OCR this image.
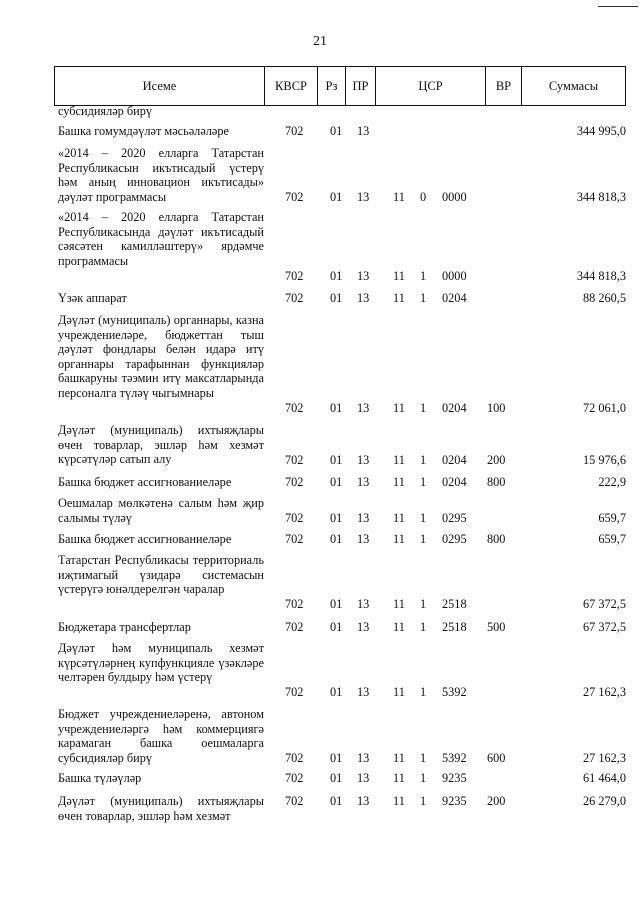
21
Исеме	КВСР	Рз	ПР	ЦСР	ВР	Суммасы
субсидияләр бирү
Башка гомумдәүләт мәсьәләләре	702 01 13	344 995,0
«2014 – 2020 елларга Татарстан Республикасын икътисадый үстерү һәм аның инновацион икътисады» дәүләт программасы	702 01 13 11 0 0000	344 818,3
«2014 – 2020 елларга Татарстан Республикасында дәүләт икътисадый сәясәтен камилләштерү» ярдәмче программасы
702 01 13 11 1 0000	344 818,3
Үзәк аппарат	702 01 13 11 1 0204	88 260,5
Дәүләт (муниципаль) органнары, казна учреждениеләре, бюджеттан тыш дәүләт фондлары белән идарә итү органнары тарафыннан функцияләр башкаруны тәэмин итү максатларында персоналга түләү чыгымнары
702 01 13 11 1 0204 100	72 061,0
Дәүләт (муниципаль) ихтыяҗлары өчен товарлар, эшләр һәм хезмәт күрсәтүләр сатып алу	702 01 13 11 1 0204 200	15 976,6
Башка бюджет ассигнованиеләре	702 01 13 11 1 0204 800	222,9
Оешмалар мөлкәтенә салым һәм җир салымы түләү	702 01 13 11 1 0295	659,7
Башка бюджет ассигнованиеләре	702 01 13 11 1 0295 800	659,7
Татарстан Республикасы территориаль иҗтимагый үзидарә системасын үстерүгә юнәлдерелгән чаралар
702 01 13 11 1 2518	67 372,5
Бюджетара трансфертлар	702 01 13 11 1 2518 500	67 372,5
Дәүләт һәм муниципаль хезмәт күрсәтүләрнең купфункцияле үзәкләре челтәрен булдыру һәм үстерү
702 01 13 11 1 5392	27 162,3
Бюджет учреждениеләренә, автоном учреждениеләргә һәм коммерциягә карамаган башка оешмаларга субсидияләр бирү	702 01 13 11 1 5392 600	27 162,3
Башка түләүләр	702 01 13 11 1 9235	61 464,0
Дәүләт (муниципаль) ихтыяҗлары өчен товарлар, эшләр һәм хезмәт
702 01 13 11 1 9235 200	26 279,0
